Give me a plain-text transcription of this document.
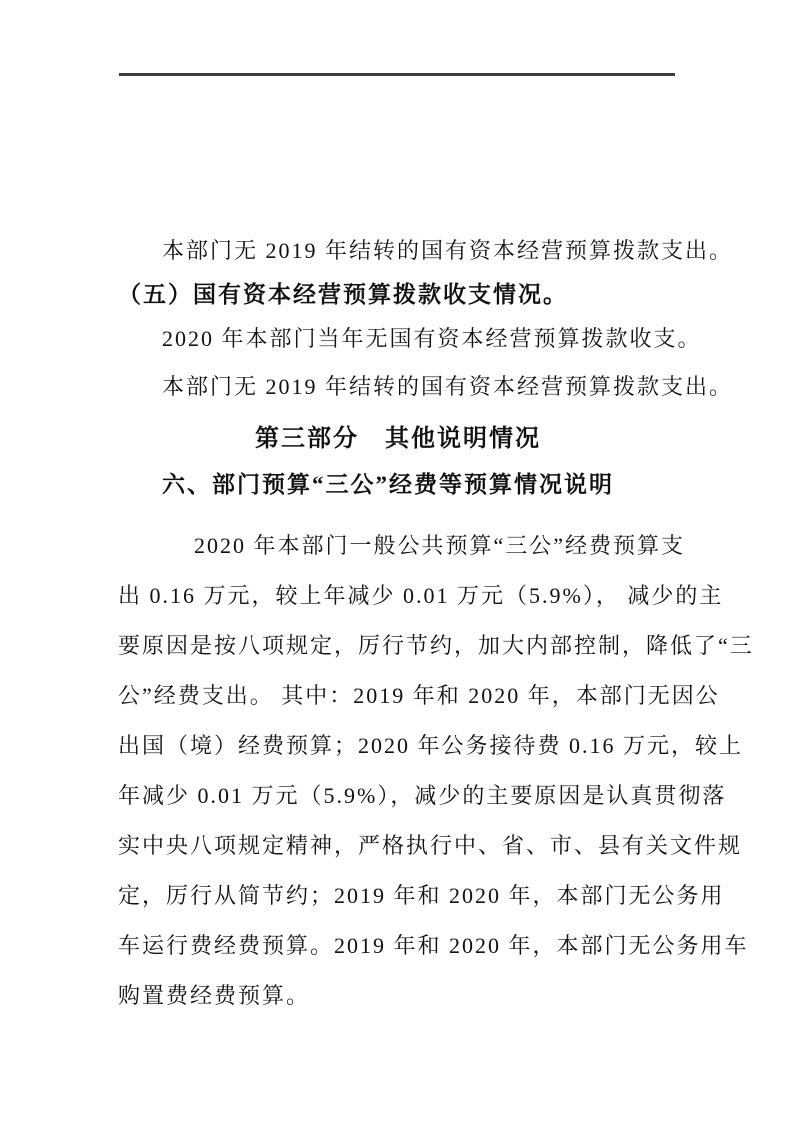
本部门无 2019 年结转的国有资本经营预算拨款支出。
（五）国有资本经营预算拨款收支情况。
2020 年本部门当年无国有资本经营预算拨款收支。
本部门无 2019 年结转的国有资本经营预算拨款支出。
第三部分　其他说明情况
六、部门预算“三公”经费等预算情况说明
2020 年本部门一般公共预算“三公”经费预算支
出 0.16 万元，较上年减少 0.01 万元（5.9%）， 减少的主
要原因是按八项规定，厉行节约，加大内部控制，降低了“三
公”经费支出。 其中：2019 年和 2020 年，本部门无因公
出国（境）经费预算；2020 年公务接待费 0.16 万元，较上
年减少 0.01 万元（5.9%），减少的主要原因是认真贯彻落
实中央八项规定精神，严格执行中、省、市、县有关文件规
定，厉行从简节约；2019 年和 2020 年，本部门无公务用
车运行费经费预算。2019 年和 2020 年，本部门无公务用车
购置费经费预算。
